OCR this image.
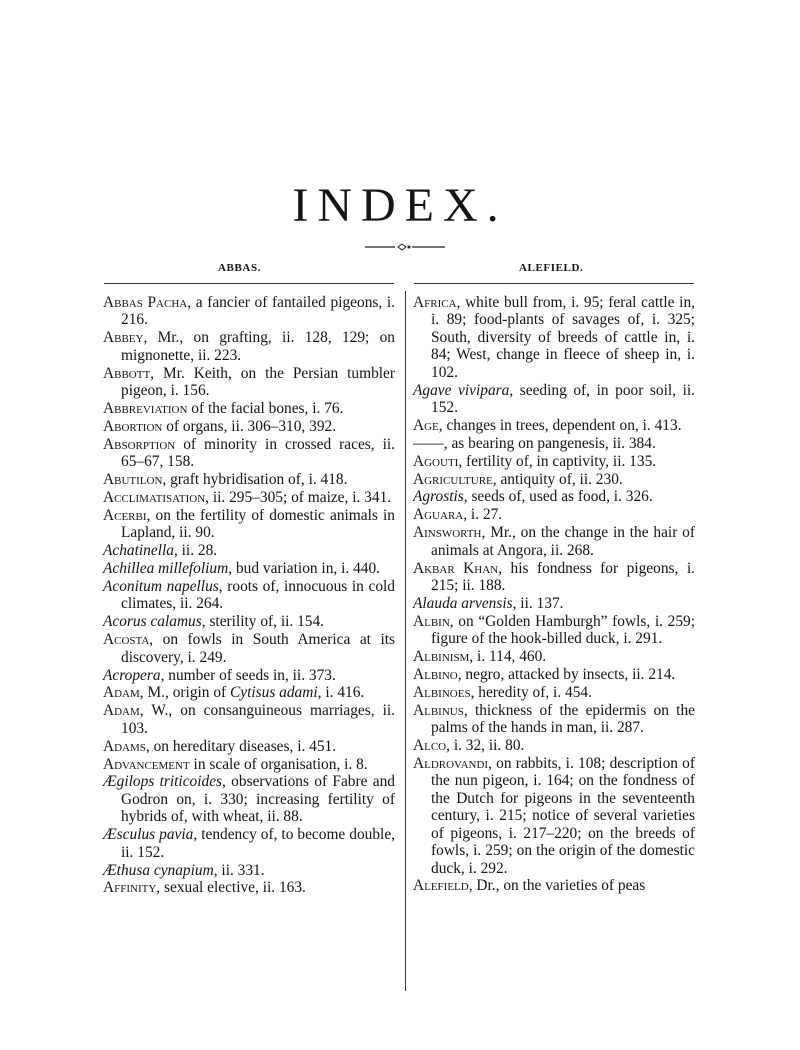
INDEX.
ABBAS.	ALEFIELD.

Abbas Pacha, a fancier of fantailed pigeons, i. 216.

Abbey, Mr., on grafting, ii. 128, 129; on mignonette, ii. 223.

Abbott, Mr. Keith, on the Persian tumbler pigeon, i. 156.

Abbreviation of the facial bones, i. 76.

Abortion of organs, ii. 306–310, 392.

Absorption of minority in crossed races, ii. 65–67, 158.

Abutilon, graft hybridisation of, i. 418.

Acclimatisation, ii. 295–305; of maize, i. 341.

Acerbi, on the fertility of domestic animals in Lapland, ii. 90.

Achatinella, ii. 28.

Achillea millefolium, bud variation in, i. 440.

Aconitum napellus, roots of, innocuous in cold climates, ii. 264.

Acorus calamus, sterility of, ii. 154.

Acosta, on fowls in South America at its discovery, i. 249.

Acropera, number of seeds in, ii. 373.

Adam, M., origin of Cytisus adami, i. 416.

Adam, W., on consanguineous marriages, ii. 103.

Adams, on hereditary diseases, i. 451.

Advancement in scale of organisation, i. 8.

Ægilops triticoides, observations of Fabre and Godron on, i. 330; increasing fertility of hybrids of, with wheat, ii. 88.

Æsculus pavia, tendency of, to become double, ii. 152.

Æthusa cynapium, ii. 331.

Affinity, sexual elective, ii. 163.

Africa, white bull from, i. 95; feral cattle in, i. 89; food-plants of savages of, i. 325; South, diversity of breeds of cattle in, i. 84; West, change in fleece of sheep in, i. 102.

Agave vivipara, seeding of, in poor soil, ii. 152.

Age, changes in trees, dependent on, i. 413.

——, as bearing on pangenesis, ii. 384.

Agouti, fertility of, in captivity, ii. 135.

Agriculture, antiquity of, ii. 230.

Agrostis, seeds of, used as food, i. 326.

Aguara, i. 27.

Ainsworth, Mr., on the change in the hair of animals at Angora, ii. 268.

Akbar Khan, his fondness for pigeons, i. 215; ii. 188.

Alauda arvensis, ii. 137.

Albin, on “Golden Hamburgh” fowls, i. 259; figure of the hook-billed duck, i. 291.

Albinism, i. 114, 460.

Albino, negro, attacked by insects, ii. 214.

Albinoes, heredity of, i. 454.

Albinus, thickness of the epidermis on the palms of the hands in man, ii. 287.

Alco, i. 32, ii. 80.

Aldrovandi, on rabbits, i. 108; description of the nun pigeon, i. 164; on the fondness of the Dutch for pigeons in the seventeenth century, i. 215; notice of several varieties of pigeons, i. 217–220; on the breeds of fowls, i. 259; on the origin of the domestic duck, i. 292.

Alefield, Dr., on the varieties of peas
